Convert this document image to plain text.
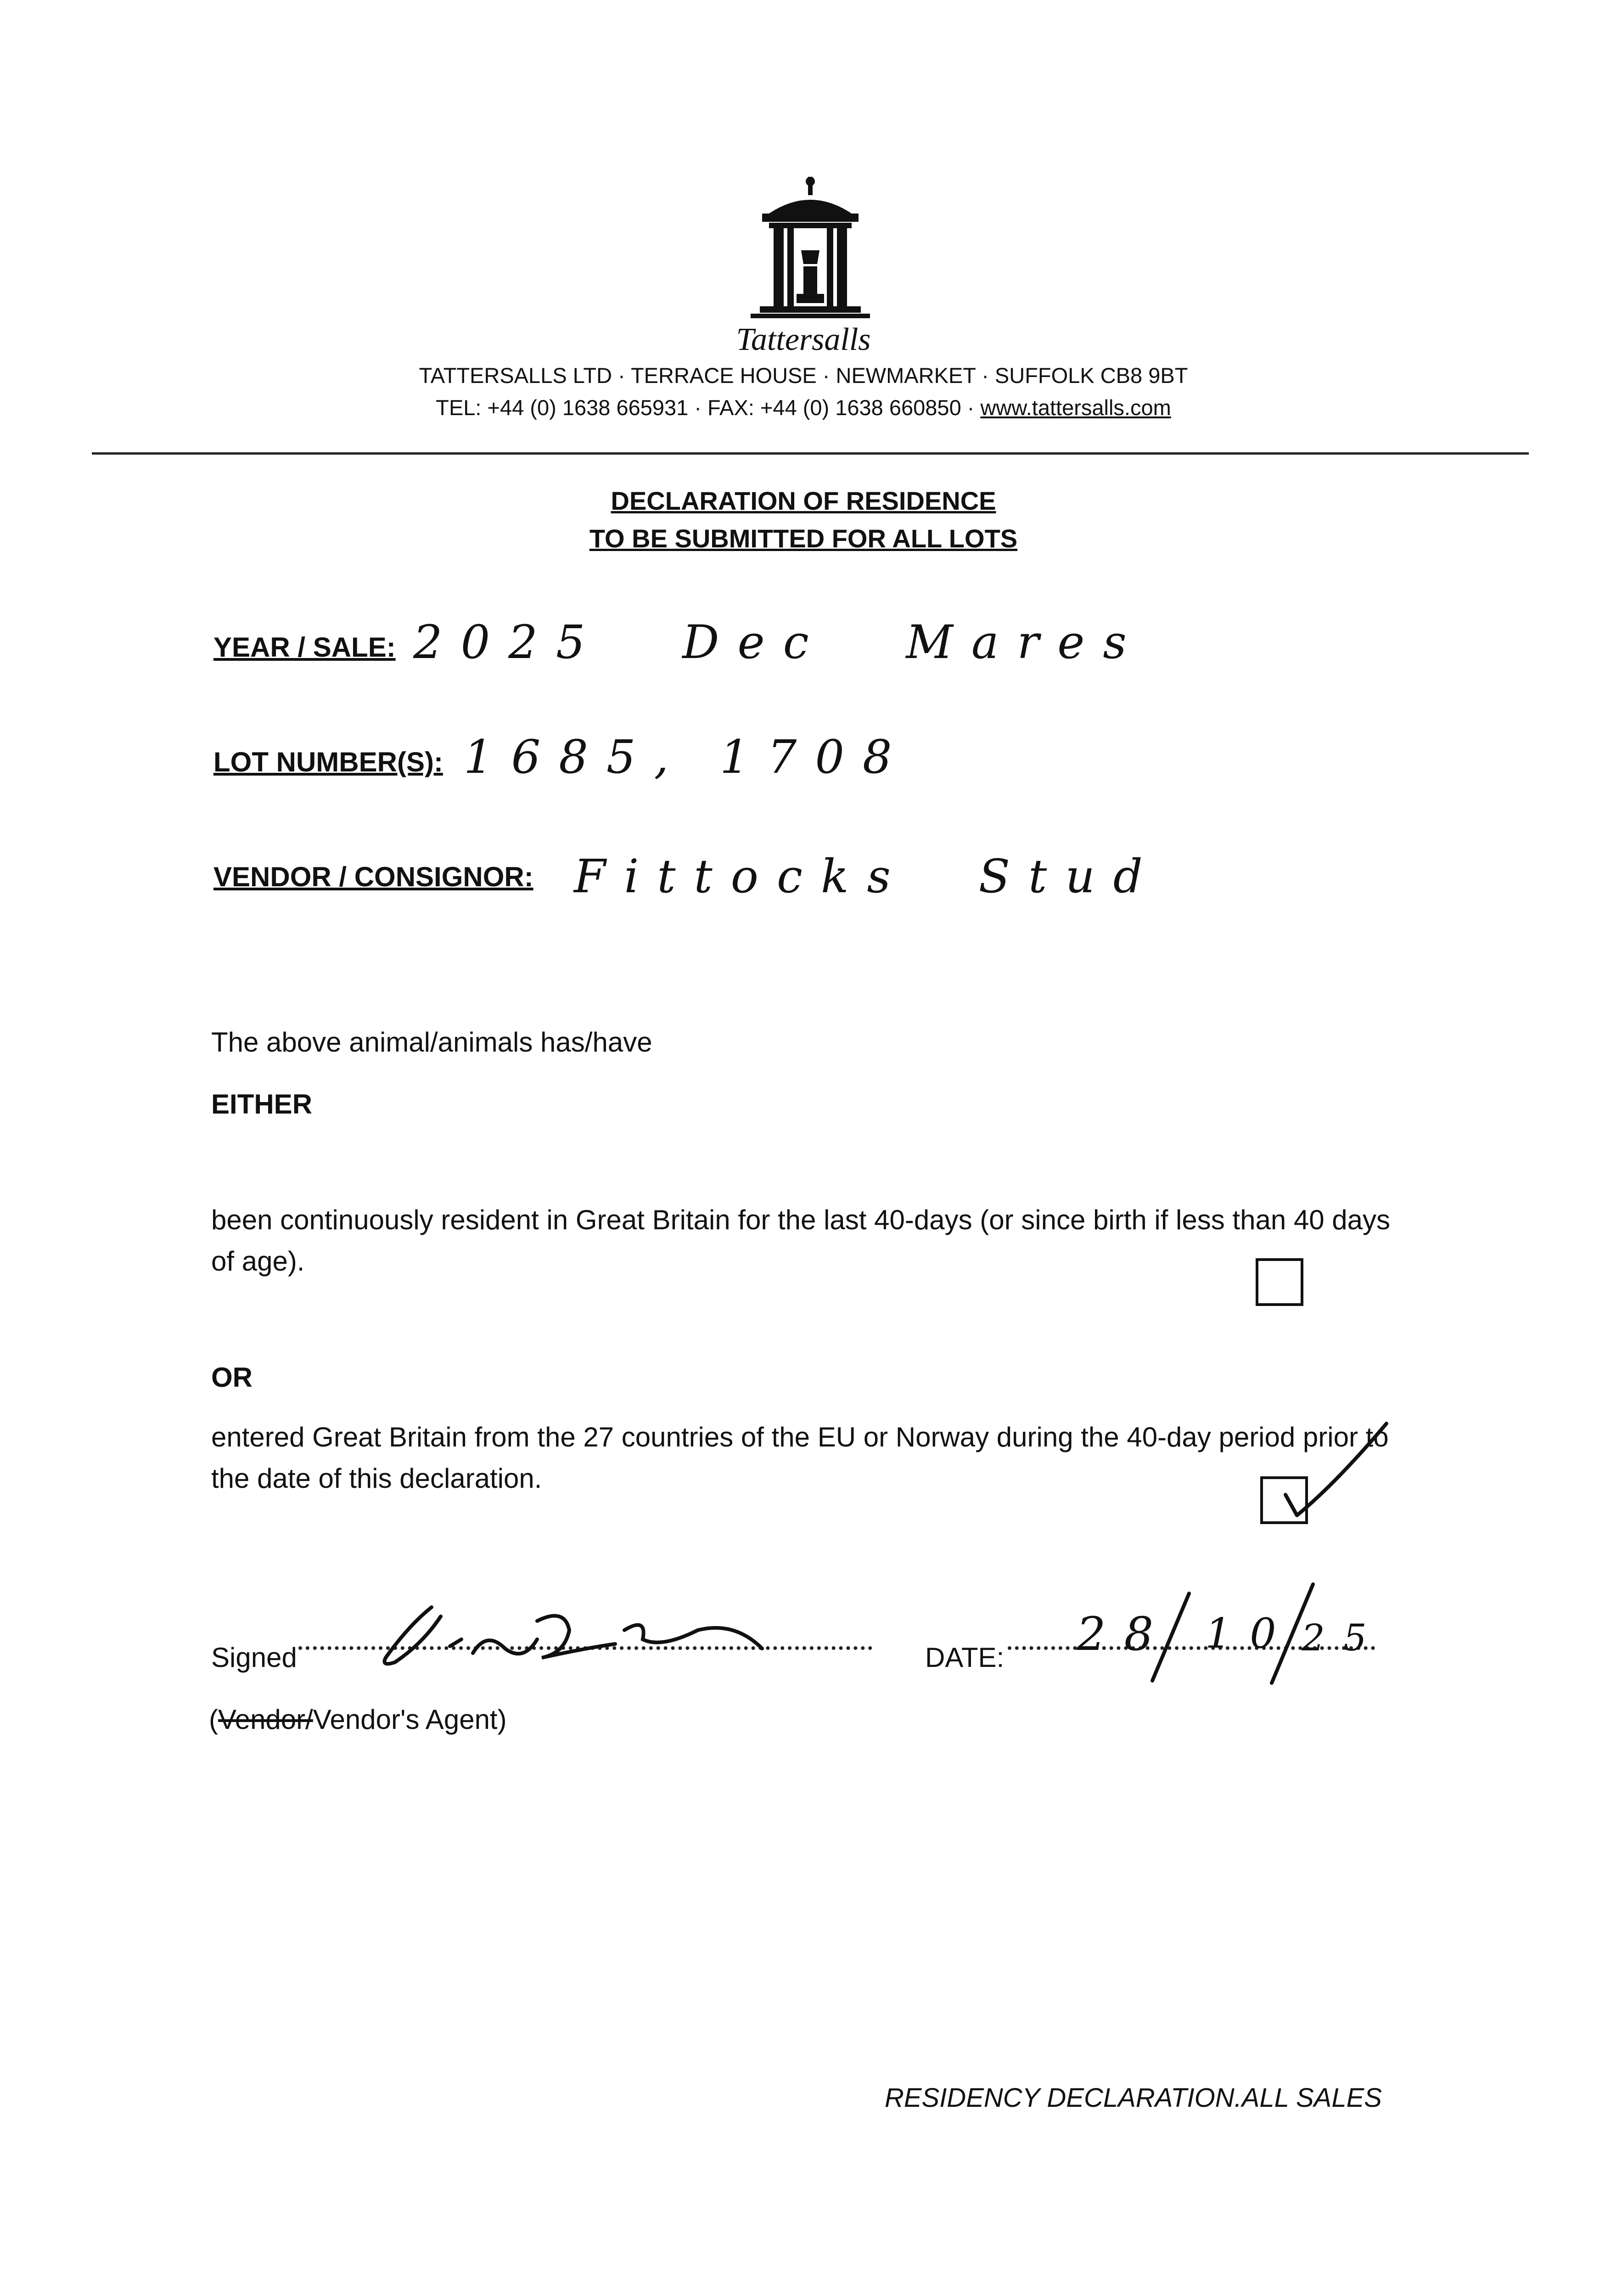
Tattersalls
TATTERSALLS LTD · TERRACE HOUSE · NEWMARKET · SUFFOLK CB8 9BT
TEL: +44 (0) 1638 665931 · FAX: +44 (0) 1638 660850 · www.tattersalls.com
DECLARATION OF RESIDENCE
TO BE SUBMITTED FOR ALL LOTS
YEAR / SALE: 2025 Dec Mares
LOT NUMBER(S): 1685, 1708
VENDOR / CONSIGNOR: Fittocks Stud
The above animal/animals has/have
EITHER
been continuously resident in Great Britain for the last 40-days (or since birth if less than 40 days of age).
OR
entered Great Britain from the 27 countries of the EU or Norway during the 40-day period prior to the date of this declaration.
Signed	DATE: 28 10 25
(Vendor/Vendor's Agent)
RESIDENCY DECLARATION.ALL SALES
